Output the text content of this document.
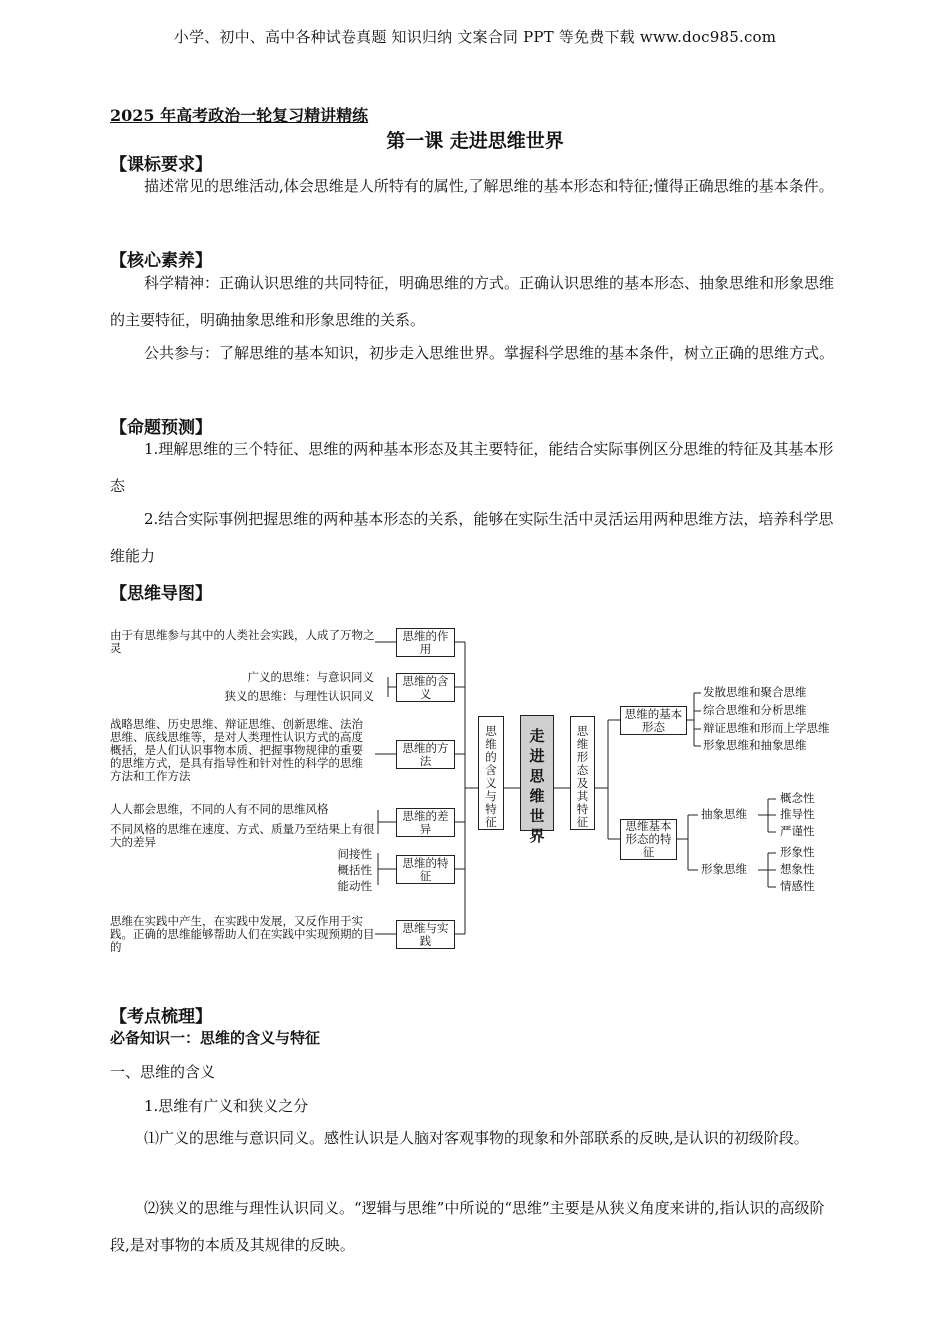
小学、初中、高中各种试卷真题 知识归纳 文案合同 PPT 等免费下载 www.doc985.com
2025 年高考政治一轮复习精讲精练
第一课 走进思维世界
【课标要求】
描述常见的思维活动,体会思维是人所特有的属性,了解思维的基本形态和特征;懂得正确思维的基本条件。
【核心素养】
科学精神：正确认识思维的共同特征，明确思维的方式。正确认识思维的基本形态、抽象思维和形象思维的主要特征，明确抽象思维和形象思维的关系。
公共参与：了解思维的基本知识，初步走入思维世界。掌握科学思维的基本条件，树立正确的思维方式。
【命题预测】
1.理解思维的三个特征、思维的两种基本形态及其主要特征，能结合实际事例区分思维的特征及其基本形态
2.结合实际事例把握思维的两种基本形态的关系，能够在实际生活中灵活运用两种思维方法，培养科学思维能力
【思维导图】
由于有思维参与其中的人类社会实践，人成了万物之灵
广义的思维：与意识同义
狭义的思维：与理性认识同义
战略思维、历史思维、辩证思维、创新思维、法治思维、底线思维等，是对人类理性认识方式的高度概括，是人们认识事物本质、把握事物规律的重要的思维方式，是具有指导性和针对性的科学的思维方法和工作方法
人人都会思维，不同的人有不同的思维风格
不同风格的思维在速度、方式、质量乃至结果上有很大的差异
间接性
概括性
能动性
思维在实践中产生，在实践中发展，又反作用于实践。正确的思维能够帮助人们在实践中实现预期的目的
思维的作用
思维的含义
思维的方法
思维的差异
思维的特征
思维与实践
思维的含义与特征
走进思维世界
思维形态及其特征
思维的基本形态
发散思维和聚合思维
综合思维和分析思维
辩证思维和形而上学思维
形象思维和抽象思维
思维基本形态的特征
抽象思维
形象思维
概念性
推导性
严谨性
形象性
想象性
情感性
【考点梳理】
必备知识一：思维的含义与特征
一、思维的含义
1.思维有广义和狭义之分
⑴广义的思维与意识同义。感性认识是人脑对客观事物的现象和外部联系的反映,是认识的初级阶段。
⑵狭义的思维与理性认识同义。“逻辑与思维”中所说的“思维”主要是从狭义角度来讲的,指认识的高级阶段,是对事物的本质及其规律的反映。
